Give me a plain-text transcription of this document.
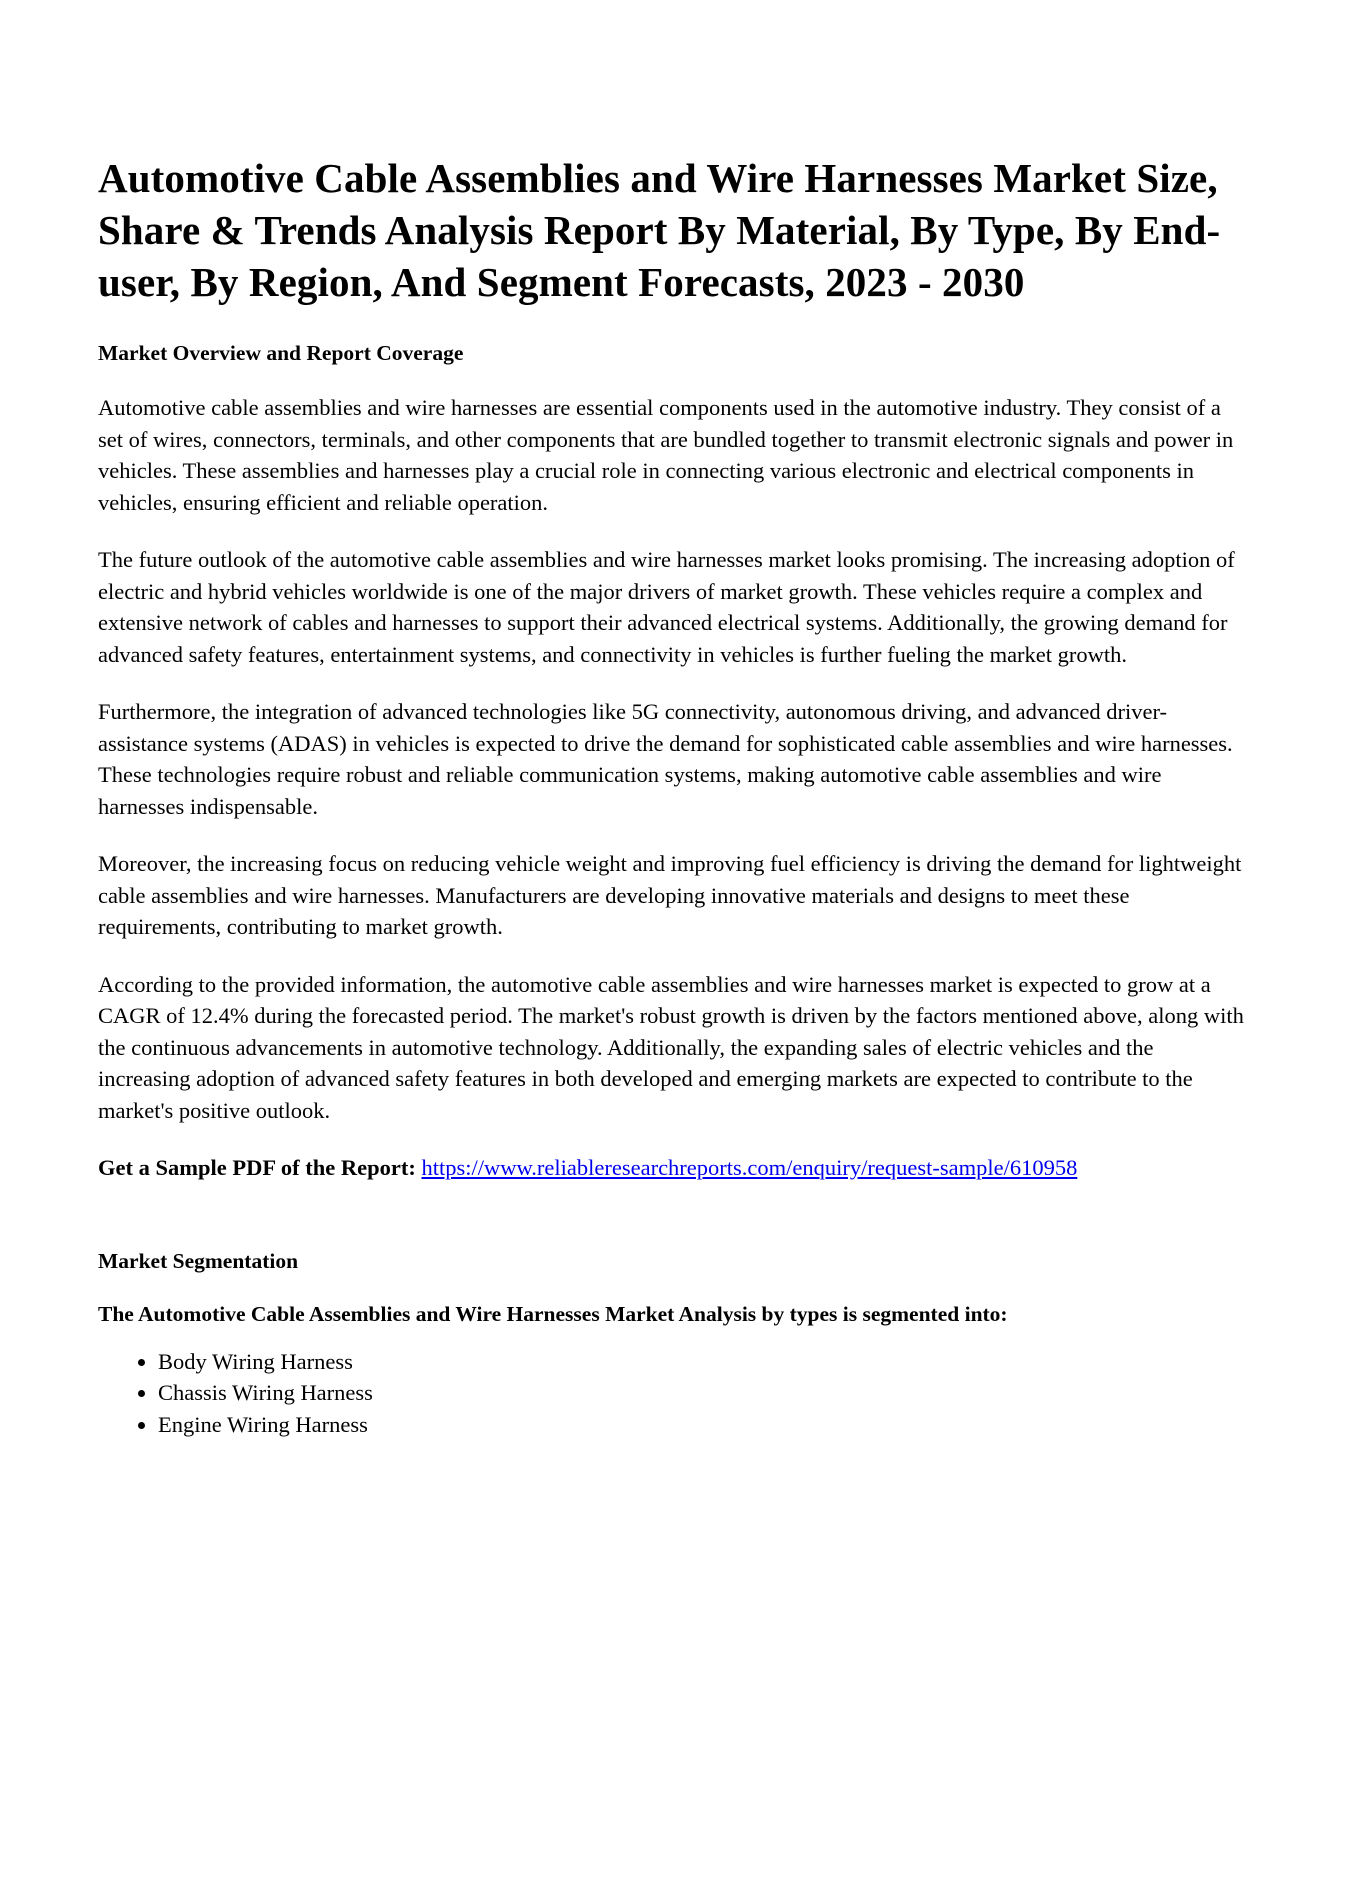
Automotive Cable Assemblies and Wire Harnesses Market Size, Share & Trends Analysis Report By Material, By Type, By End-user, By Region, And Segment Forecasts, 2023 - 2030
Market Overview and Report Coverage

Automotive cable assemblies and wire harnesses are essential components used in the automotive industry. They consist of a set of wires, connectors, terminals, and other components that are bundled together to transmit electronic signals and power in vehicles. These assemblies and harnesses play a crucial role in connecting various electronic and electrical components in vehicles, ensuring efficient and reliable operation.

The future outlook of the automotive cable assemblies and wire harnesses market looks promising. The increasing adoption of electric and hybrid vehicles worldwide is one of the major drivers of market growth. These vehicles require a complex and extensive network of cables and harnesses to support their advanced electrical systems. Additionally, the growing demand for advanced safety features, entertainment systems, and connectivity in vehicles is further fueling the market growth.

Furthermore, the integration of advanced technologies like 5G connectivity, autonomous driving, and advanced driver-assistance systems (ADAS) in vehicles is expected to drive the demand for sophisticated cable assemblies and wire harnesses. These technologies require robust and reliable communication systems, making automotive cable assemblies and wire harnesses indispensable.

Moreover, the increasing focus on reducing vehicle weight and improving fuel efficiency is driving the demand for lightweight cable assemblies and wire harnesses. Manufacturers are developing innovative materials and designs to meet these requirements, contributing to market growth.

According to the provided information, the automotive cable assemblies and wire harnesses market is expected to grow at a CAGR of 12.4% during the forecasted period. The market's robust growth is driven by the factors mentioned above, along with the continuous advancements in automotive technology. Additionally, the expanding sales of electric vehicles and the increasing adoption of advanced safety features in both developed and emerging markets are expected to contribute to the market's positive outlook.

Get a Sample PDF of the Report: https://www.reliableresearchreports.com/enquiry/request-sample/610958

Market Segmentation
The Automotive Cable Assemblies and Wire Harnesses Market Analysis by types is segmented into:
• Body Wiring Harness
• Chassis Wiring Harness
• Engine Wiring Harness
